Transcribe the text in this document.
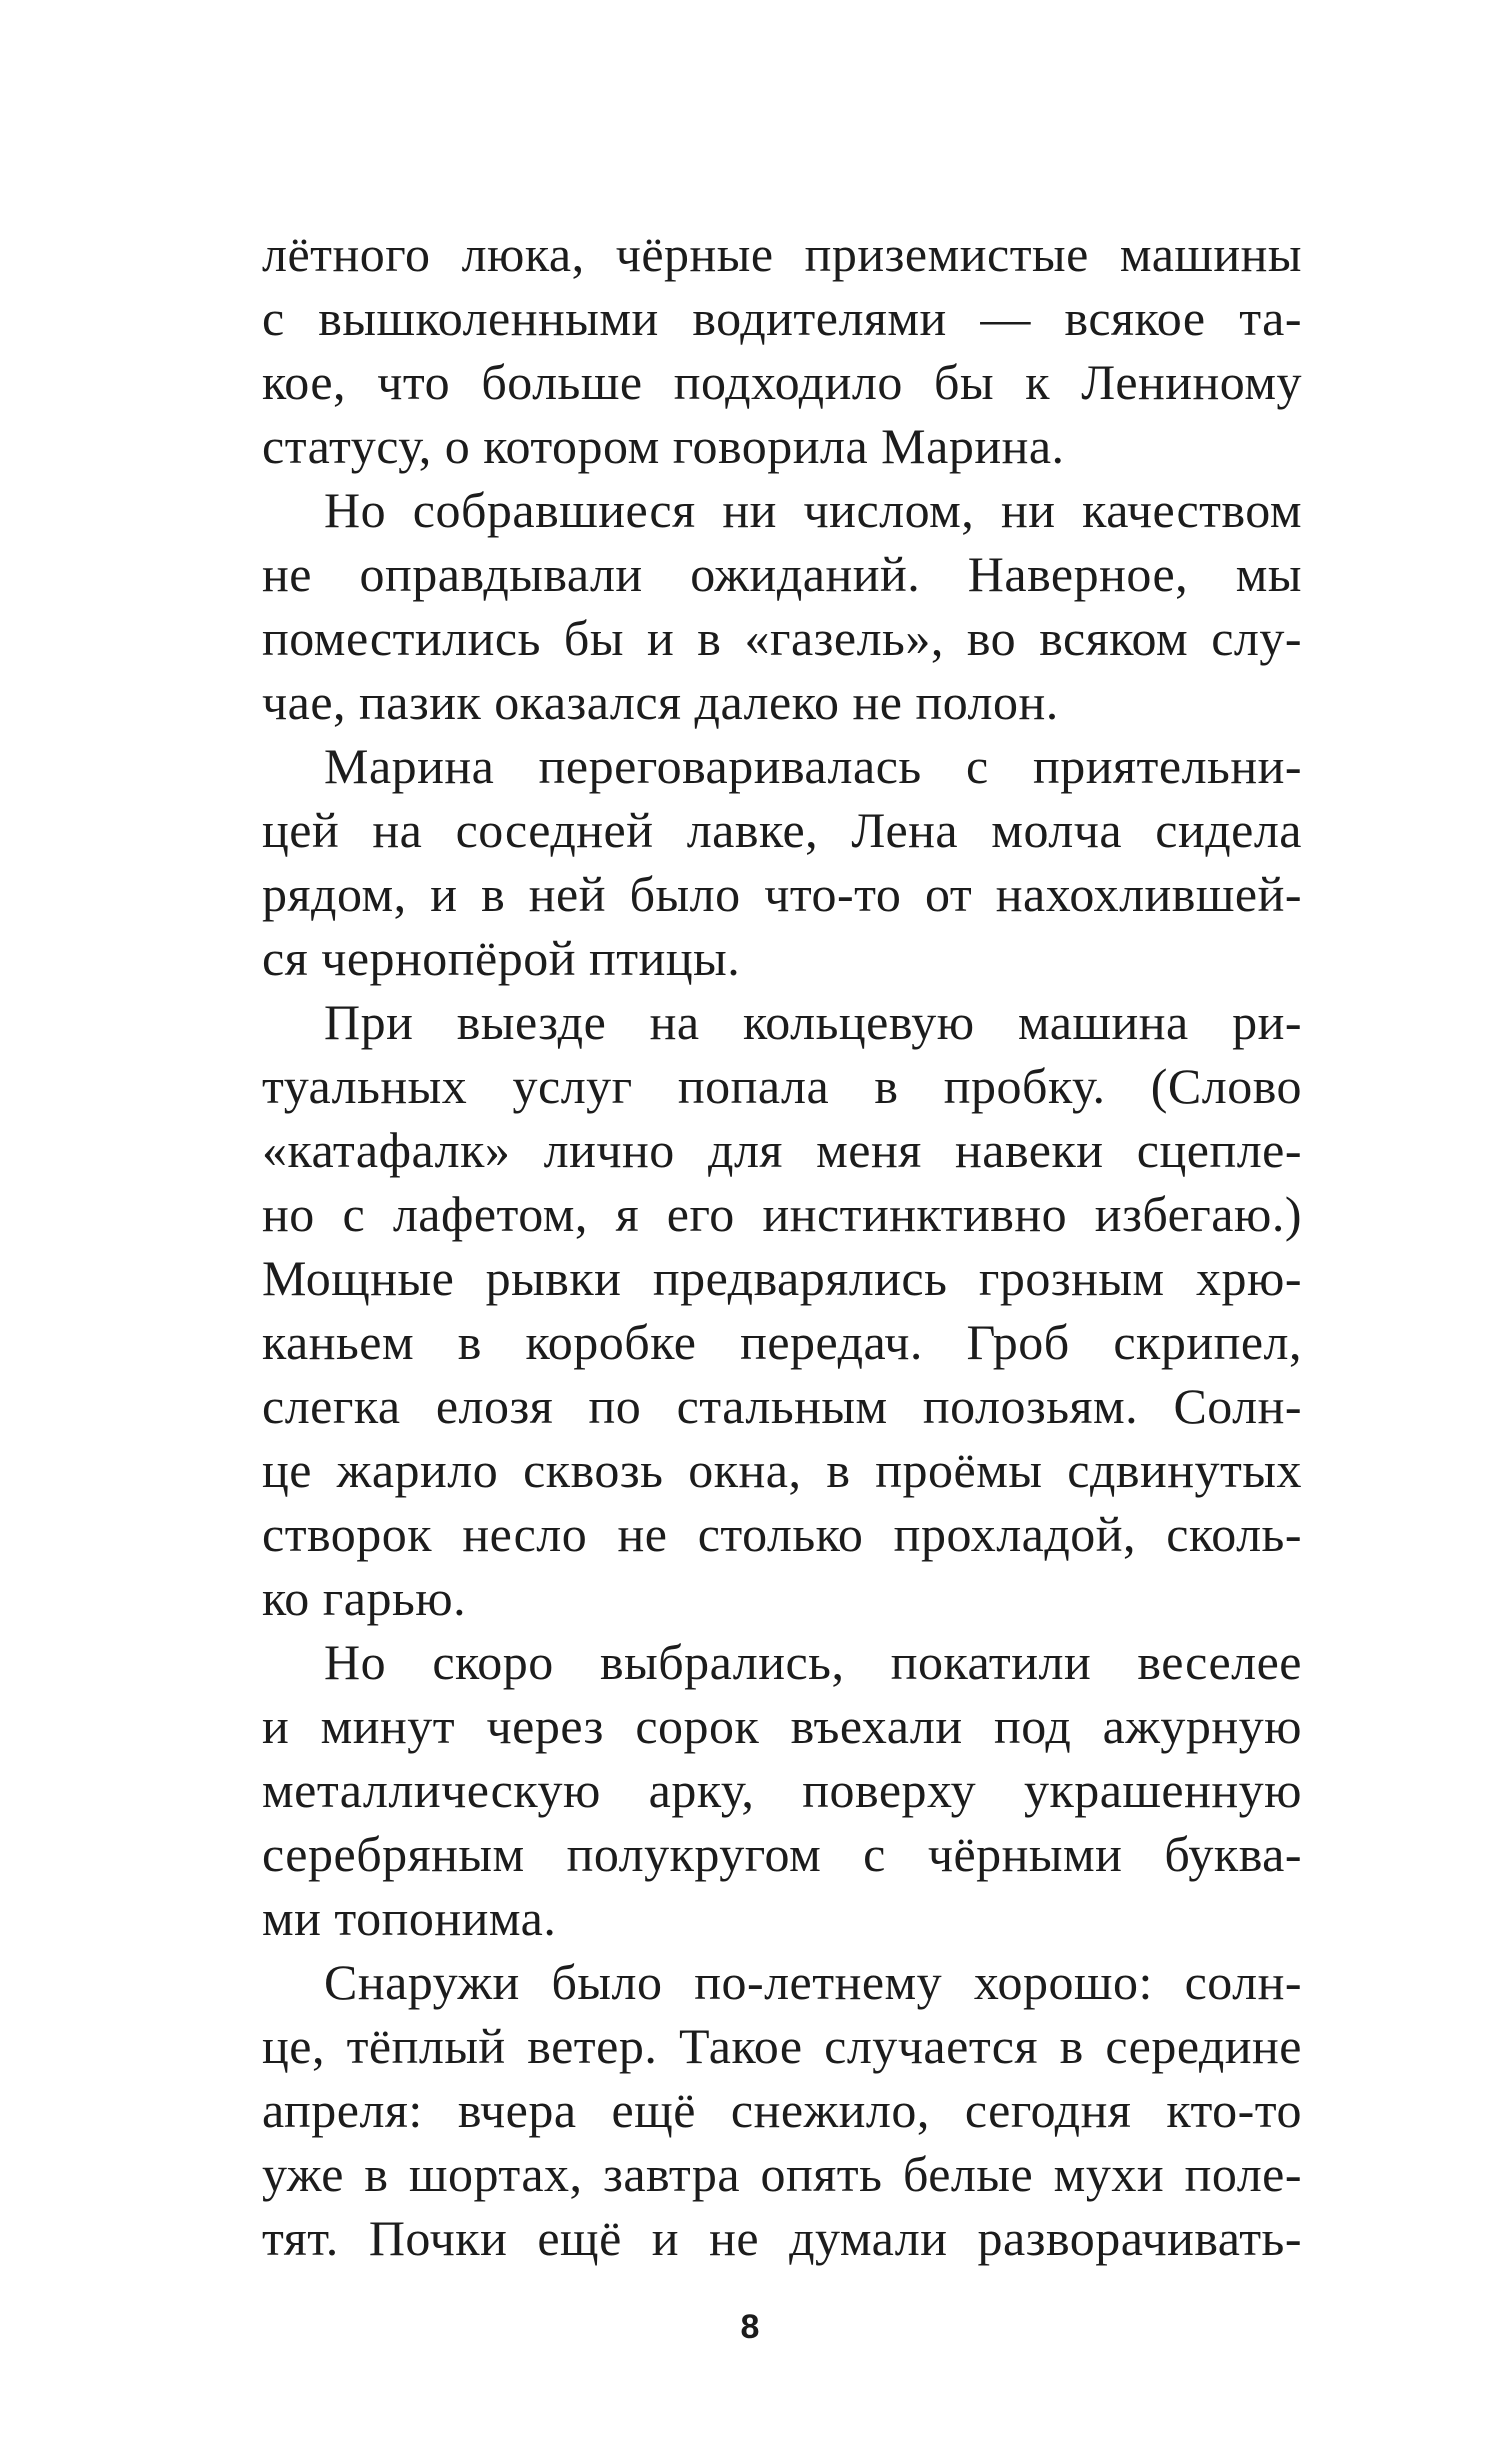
лётного люка, чёрные приземистые машины
с вышколенными водителями — всякое та-
кое, что больше подходило бы к Лениному
статусу, о котором говорила Марина.
Но собравшиеся ни числом, ни качеством
не оправдывали ожиданий. Наверное, мы
поместились бы и в «газель», во всяком слу-
чае, пазик оказался далеко не полон.
Марина переговаривалась с приятельни-
цей на соседней лавке, Лена молча сидела
рядом, и в ней было что-то от нахохлившей-
ся чернопёрой птицы.
При выезде на кольцевую машина ри-
туальных услуг попала в пробку. (Слово
«катафалк» лично для меня навеки сцепле-
но с лафетом, я его инстинктивно избегаю.)
Мощные рывки предварялись грозным хрю-
каньем в коробке передач. Гроб скрипел,
слегка елозя по стальным полозьям. Солн-
це жарило сквозь окна, в проёмы сдвинутых
створок несло не столько прохладой, сколь-
ко гарью.
Но скоро выбрались, покатили веселее
и минут через сорок въехали под ажурную
металлическую арку, поверху украшенную
серебряным полукругом с чёрными буква-
ми топонима.
Снаружи было по-летнему хорошо: солн-
це, тёплый ветер. Такое случается в середине
апреля: вчера ещё снежило, сегодня кто-то
уже в шортах, завтра опять белые мухи поле-
тят. Почки ещё и не думали разворачивать-
8
